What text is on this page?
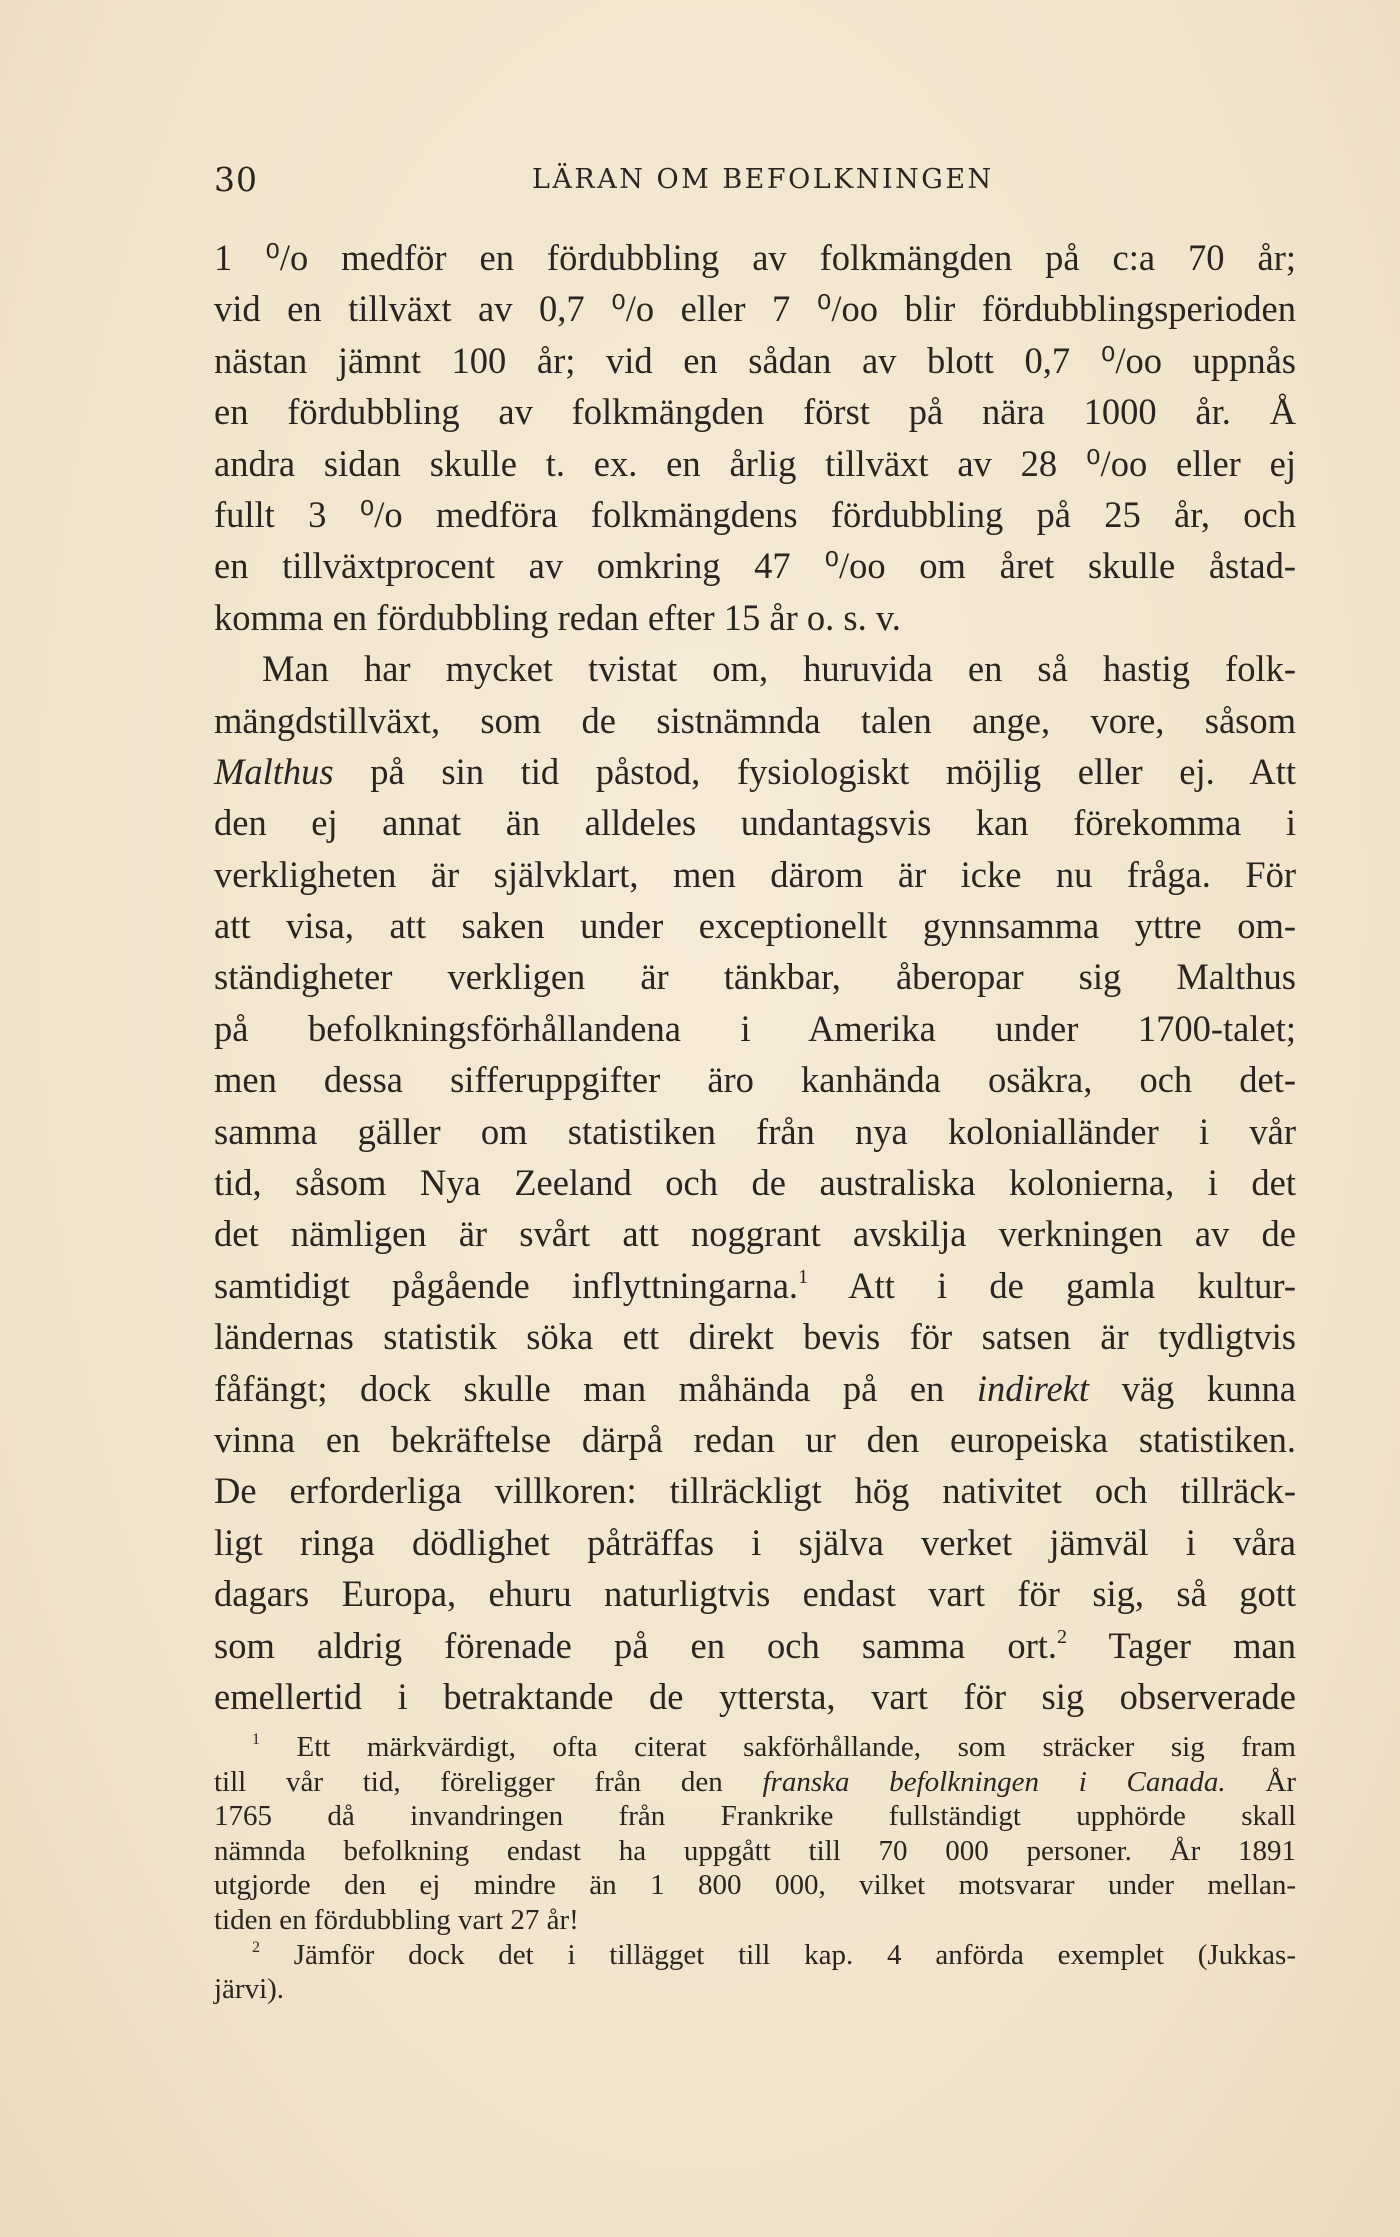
30	LÄRAN OM BEFOLKNINGEN
1 ⁰/o medför en fördubbling av folkmängden på c:a 70 år;
vid en tillväxt av 0,7 ⁰/o eller 7 ⁰/oo blir fördubblingsperioden
nästan jämnt 100 år; vid en sådan av blott 0,7 ⁰/oo uppnås
en fördubbling av folkmängden först på nära 1000 år. Å
andra sidan skulle t. ex. en årlig tillväxt av 28 ⁰/oo eller ej
fullt 3 ⁰/o medföra folkmängdens fördubbling på 25 år, och
en tillväxtprocent av omkring 47 ⁰/oo om året skulle åstad-
komma en fördubbling redan efter 15 år o. s. v.
Man har mycket tvistat om, huruvida en så hastig folk-
mängdstillväxt, som de sistnämnda talen ange, vore, såsom
Malthus på sin tid påstod, fysiologiskt möjlig eller ej. Att
den ej annat än alldeles undantagsvis kan förekomma i
verkligheten är självklart, men därom är icke nu fråga. För
att visa, att saken under exceptionellt gynnsamma yttre om-
ständigheter verkligen är tänkbar, åberopar sig Malthus
på befolkningsförhållandena i Amerika under 1700-talet;
men dessa sifferuppgifter äro kanhända osäkra, och det-
samma gäller om statistiken från nya kolonialländer i vår
tid, såsom Nya Zeeland och de australiska kolonierna, i det
det nämligen är svårt att noggrant avskilja verkningen av de
samtidigt pågående inflyttningarna.$^1$ Att i de gamla kultur-
ländernas statistik söka ett direkt bevis för satsen är tydligtvis
fåfängt; dock skulle man måhända på en indirekt väg kunna
vinna en bekräftelse därpå redan ur den europeiska statistiken.
De erforderliga villkoren: tillräckligt hög nativitet och tillräck-
ligt ringa dödlighet påträffas i själva verket jämväl i våra
dagars Europa, ehuru naturligtvis endast vart för sig, så gott
som aldrig förenade på en och samma ort.$^2$ Tager man
emellertid i betraktande de yttersta, vart för sig observerade
$^1$ Ett märkvärdigt, ofta citerat sakförhållande, som sträcker sig fram
till vår tid, föreligger från den franska befolkningen i Canada. År
1765 då invandringen från Frankrike fullständigt upphörde skall
nämnda befolkning endast ha uppgått till 70 000 personer. År 1891
utgjorde den ej mindre än 1 800 000, vilket motsvarar under mellan-
tiden en fördubbling vart 27 år!
$^2$ Jämför dock det i tillägget till kap. 4 anförda exemplet (Jukkas-
järvi).
